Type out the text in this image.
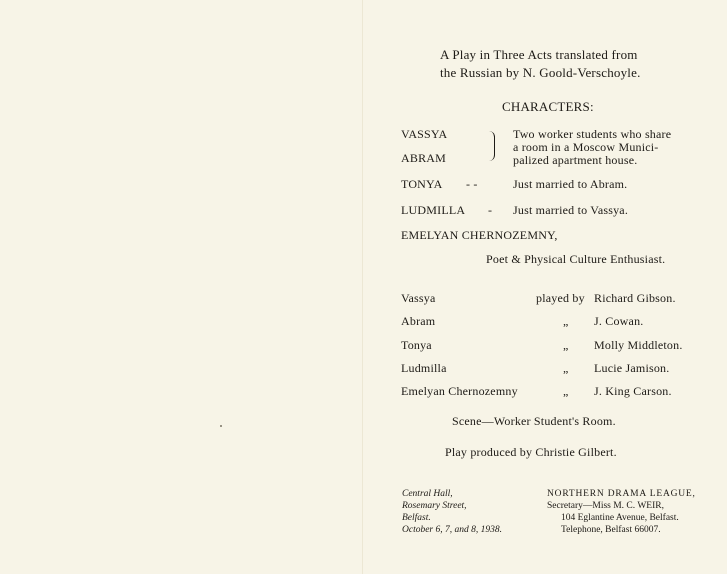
A Play in Three Acts translated from
the Russian by N. Goold-Verschoyle.
CHARACTERS:
VASSYA
ABRAM
Two worker students who share
a room in a Moscow Munici-
palized apartment house.
TONYA - -	Just married to Abram.
LUDMILLA - Just married to Vassya.
EMELYAN CHERNOZEMNY,
Poet & Physical Culture Enthusiast.
Vassya	played by Richard Gibson.
Abram	„ J. Cowan.
Tonya	„ Molly Middleton.
Ludmilla	„ Lucie Jamison.
Emelyan Chernozemny	„ J. King Carson.
Scene—Worker Student's Room.
Play produced by Christie Gilbert.
Central Hall,
Rosemary Street,
Belfast.
October 6, 7, and 8, 1938.
NORTHERN DRAMA LEAGUE,
Secretary—Miss M. C. WEIR,
104 Eglantine Avenue, Belfast.
Telephone, Belfast 66007.
